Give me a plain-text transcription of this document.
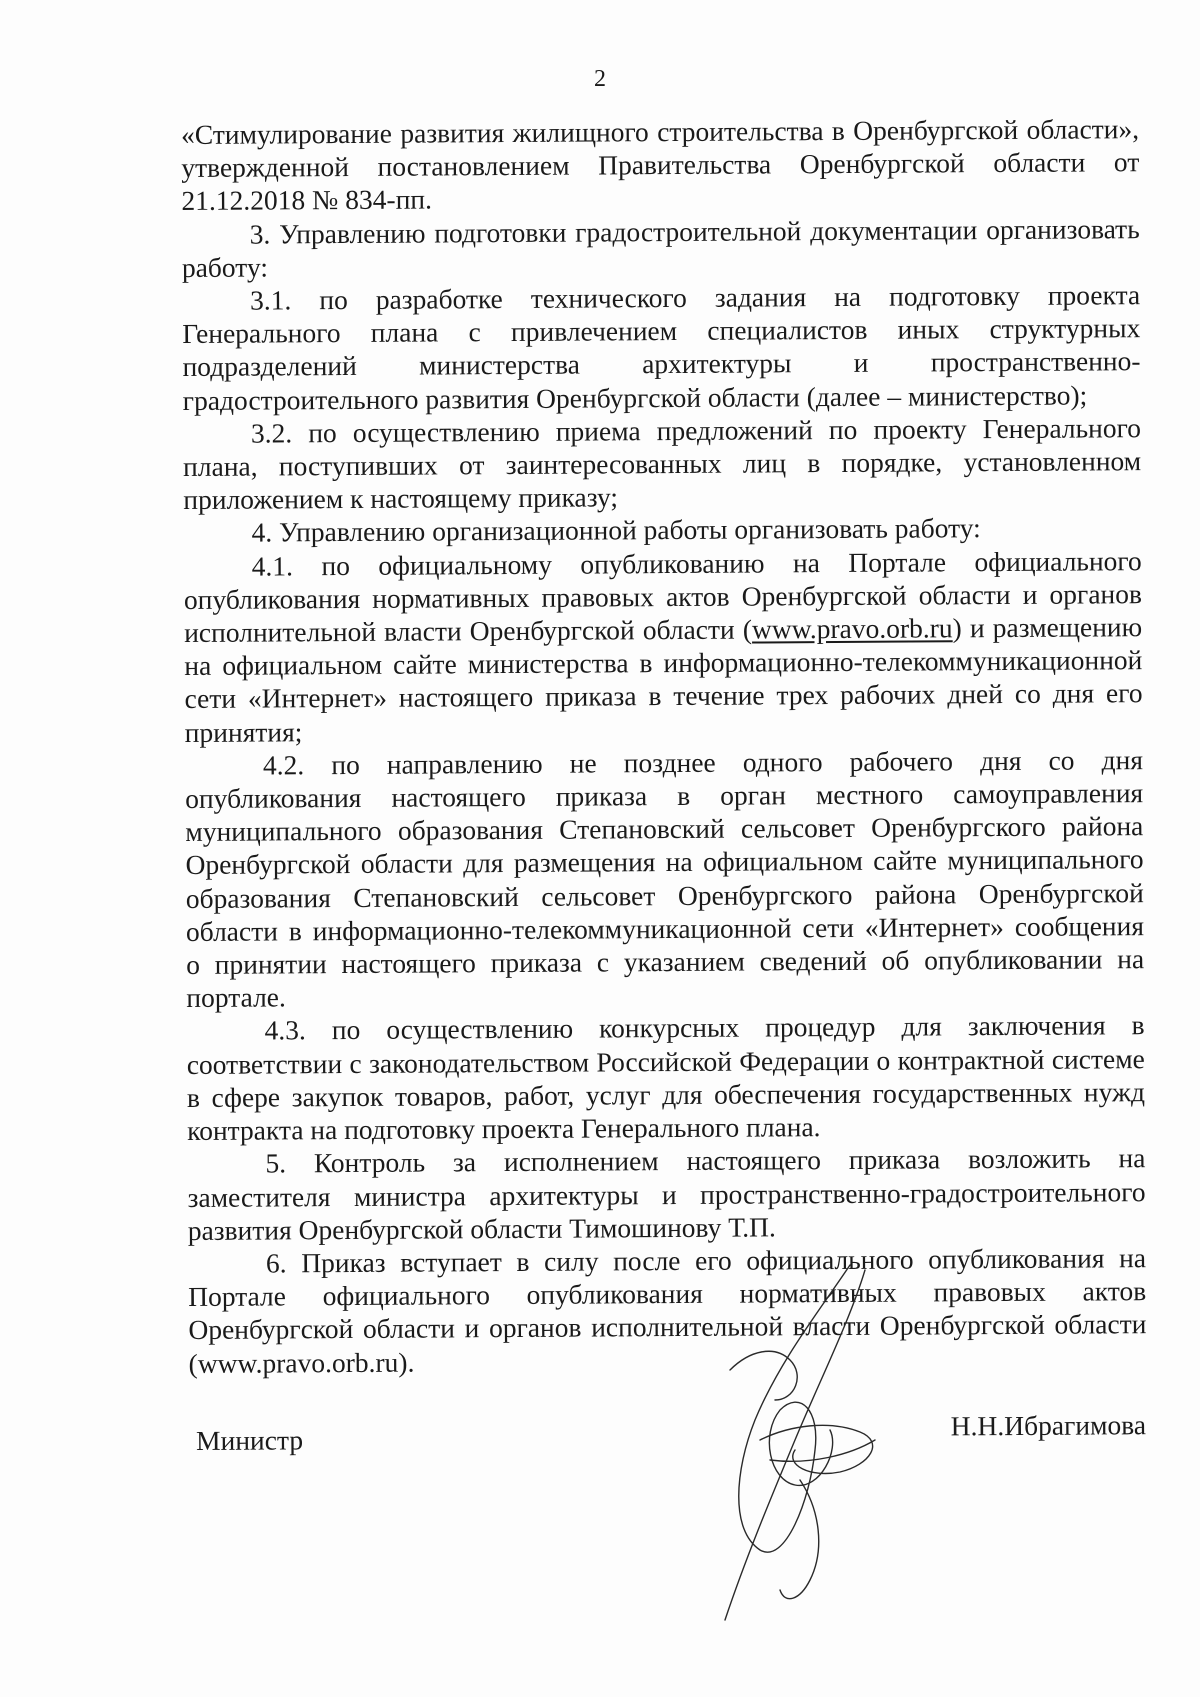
2

«Стимулирование развития жилищного строительства в Оренбургской области», утвержденной постановлением Правительства Оренбургской области от 21.12.2018 № 834-пп.

3. Управлению подготовки градостроительной документации организовать работу:

3.1. по разработке технического задания на подготовку проекта Генерального плана с привлечением специалистов иных структурных подразделений министерства архитектуры и пространственно-градостроительного развития Оренбургской области (далее – министерство);

3.2. по осуществлению приема предложений по проекту Генерального плана, поступивших от заинтересованных лиц в порядке, установленном приложением к настоящему приказу;

4. Управлению организационной работы организовать работу:

4.1. по официальному опубликованию на Портале официального опубликования нормативных правовых актов Оренбургской области и органов исполнительной власти Оренбургской области (www.pravo.orb.ru) и размещению на официальном сайте министерства в информационно-телекоммуникационной сети «Интернет» настоящего приказа в течение трех рабочих дней со дня его принятия;

4.2. по направлению не позднее одного рабочего дня со дня опубликования настоящего приказа в орган местного самоуправления муниципального образования Степановский сельсовет Оренбургского района Оренбургской области для размещения на официальном сайте муниципального образования Степановский сельсовет Оренбургского района Оренбургской области в информационно-телекоммуникационной сети «Интернет» сообщения о принятии настоящего приказа с указанием сведений об опубликовании на портале.

4.3. по осуществлению конкурсных процедур для заключения в соответствии с законодательством Российской Федерации о контрактной системе в сфере закупок товаров, работ, услуг для обеспечения государственных нужд контракта на подготовку проекта Генерального плана.

5. Контроль за исполнением настоящего приказа возложить на заместителя министра архитектуры и пространственно-градостроительного развития Оренбургской области Тимошинову Т.П.

6. Приказ вступает в силу после его официального опубликования на Портале официального опубликования нормативных правовых актов Оренбургской области и органов исполнительной власти Оренбургской области (www.pravo.orb.ru).

Министр	Н.Н.Ибрагимова
